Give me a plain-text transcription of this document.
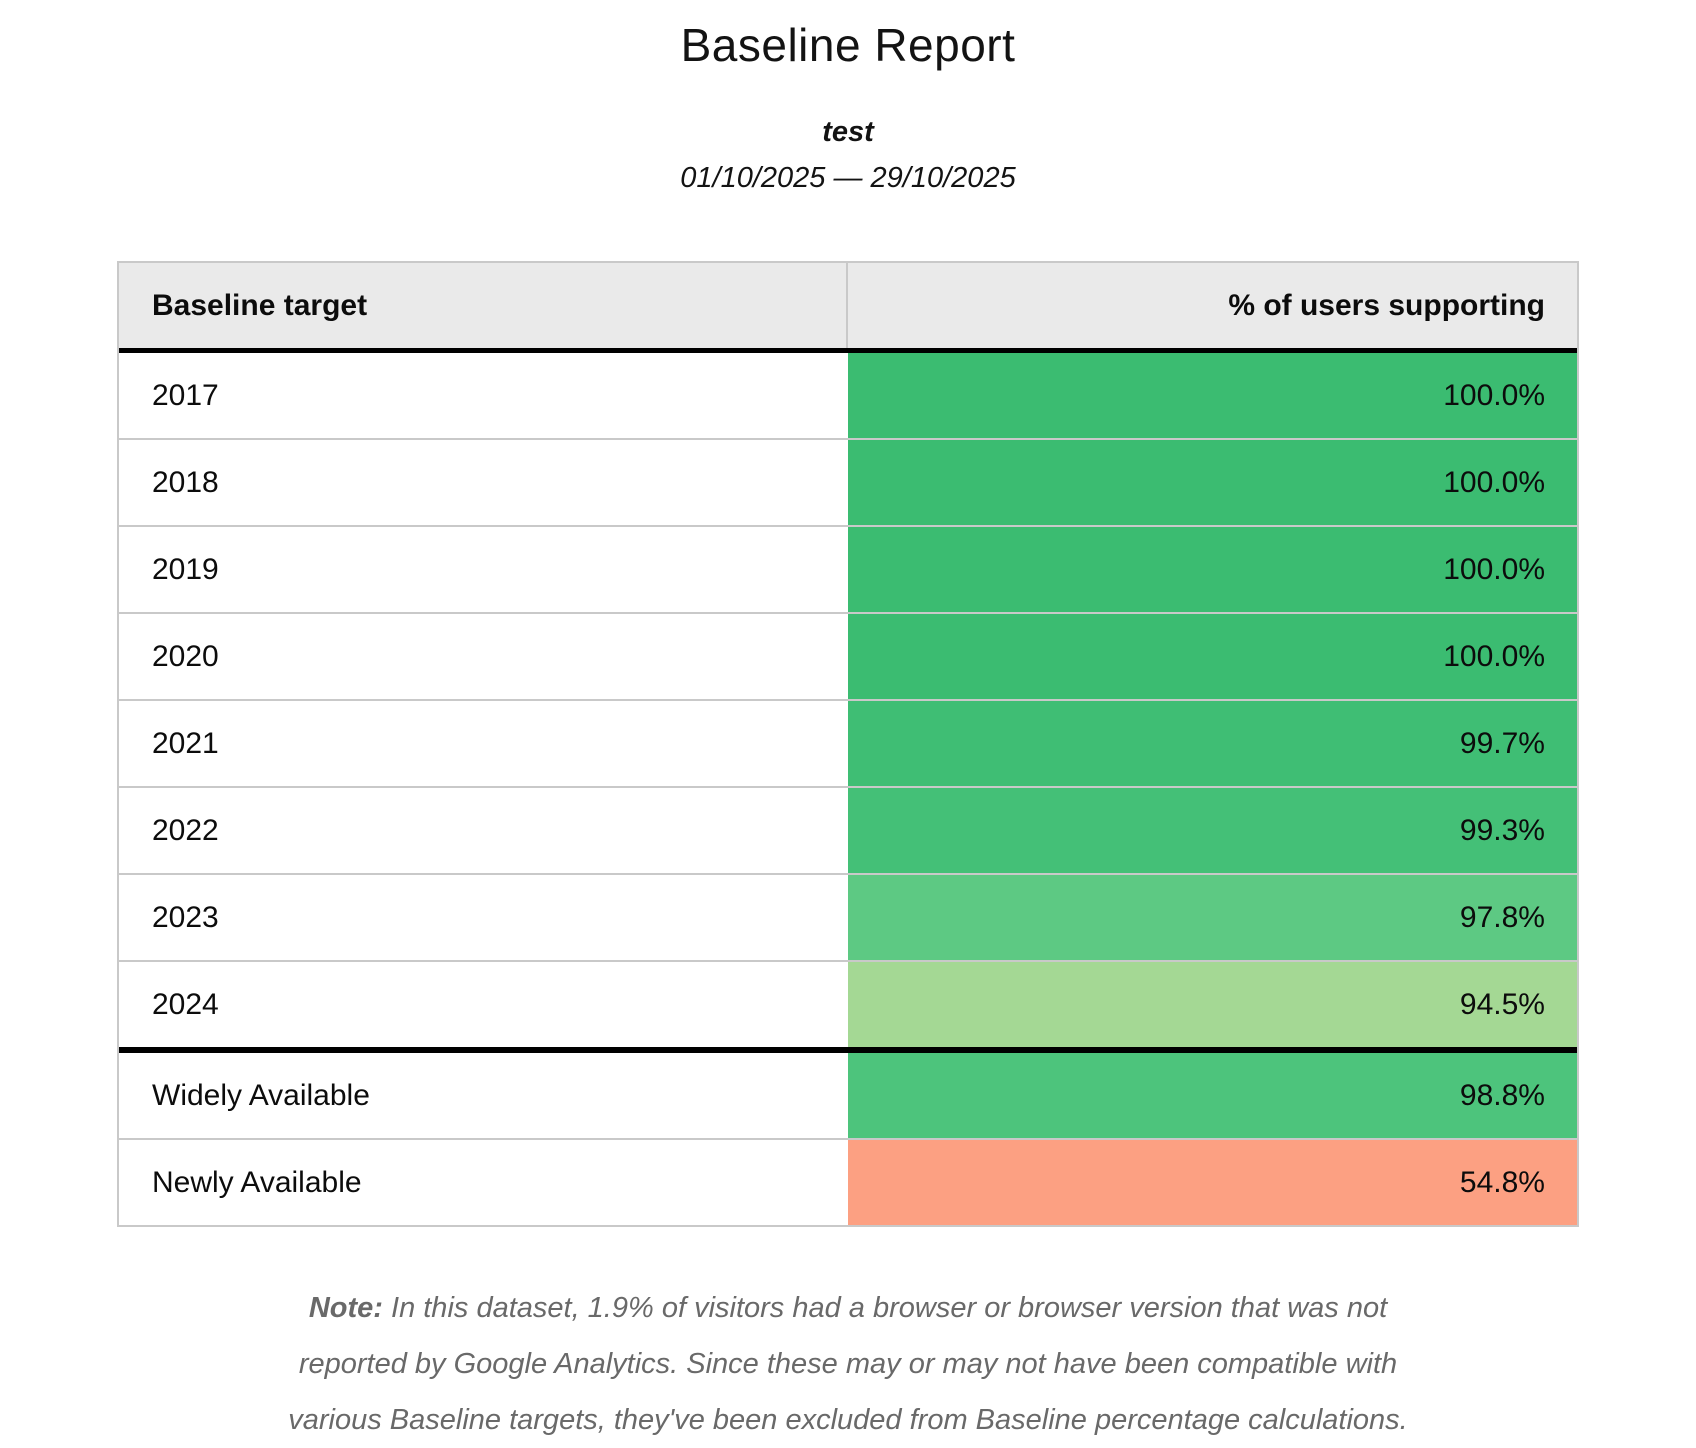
Baseline Report
test
01/10/2025 — 29/10/2025
Baseline target	% of users supporting
2017	100.0%
2018	100.0%
2019	100.0%
2020	100.0%
2021	99.7%
2022	99.3%
2023	97.8%
2024	94.5%
Widely Available	98.8%
Newly Available	54.8%
Note: In this dataset, 1.9% of visitors had a browser or browser version that was not
reported by Google Analytics. Since these may or may not have been compatible with
various Baseline targets, they've been excluded from Baseline percentage calculations.
